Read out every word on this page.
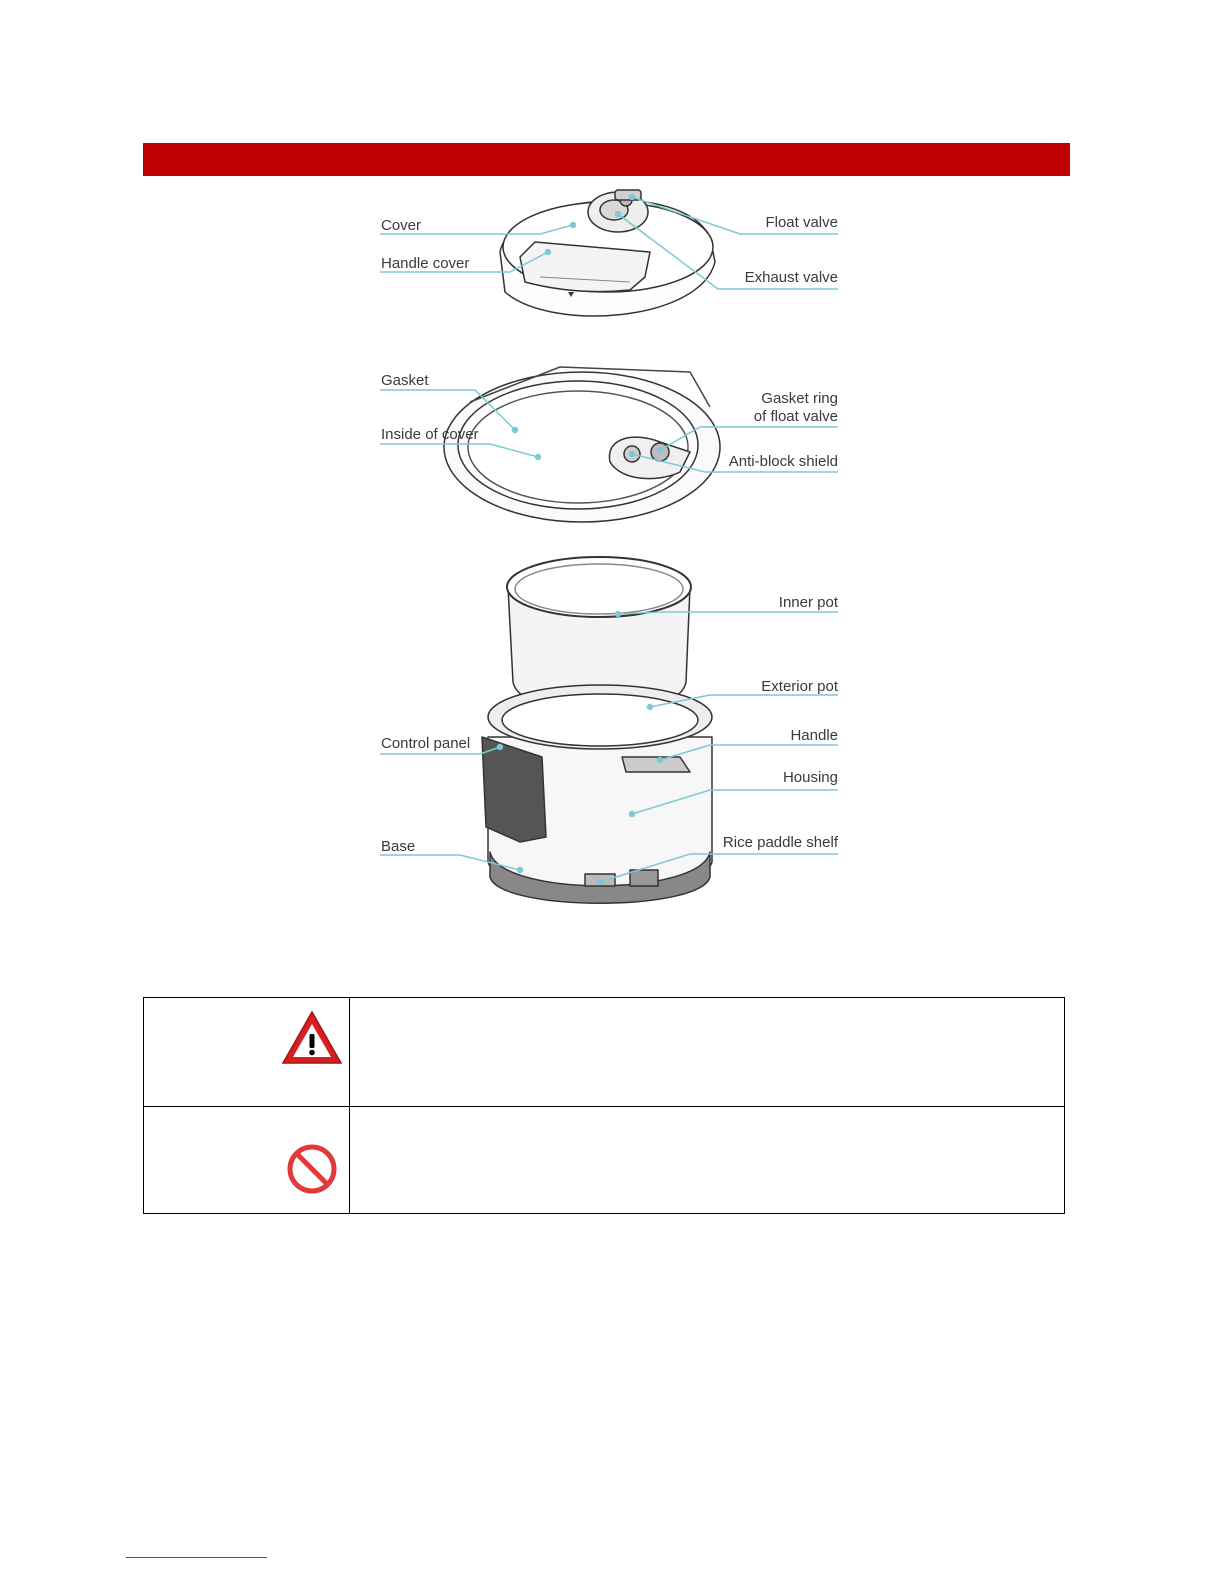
Cover
Handle cover
Float valve
Exhaust valve
Gasket
Inside of cover
Gasket ring
of float valve
Anti-block shield
Inner pot
Exterior pot
Control panel	Handle
Housing
Base	Rice paddle shelf
